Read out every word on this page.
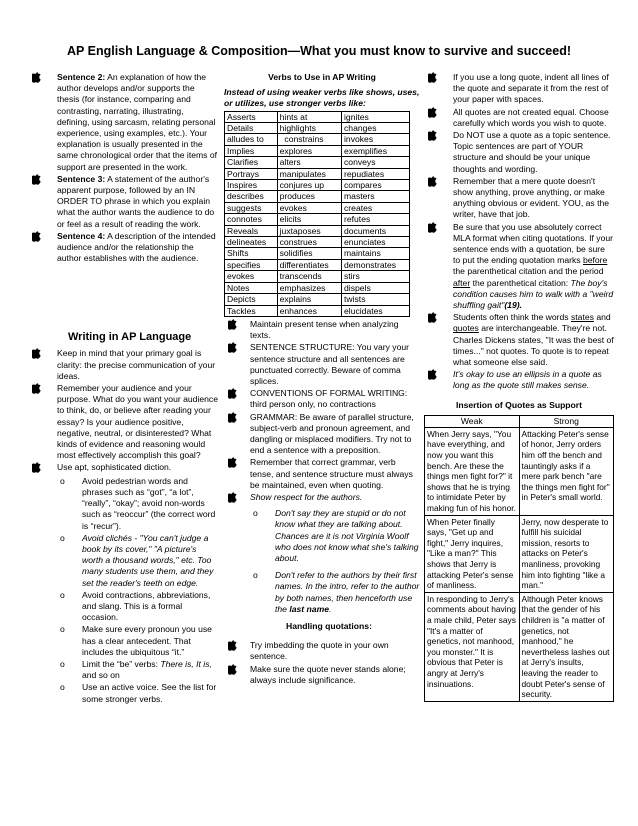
AP English Language & Composition—What you must know to survive and succeed!
Sentence 2: An explanation of how the author develops and/or supports the thesis (for instance, comparing and contrasting, narrating, illustrating, defining, using sarcasm, relating personal experience, using examples, etc.). Your explanation is usually presented in the same chronological order that the items of support are presented in the work.
Sentence 3: A statement of the author's apparent purpose, followed by an IN ORDER TO phrase in which you explain what the author wants the audience to do or feel as a result of reading the work.
Sentence 4: A description of the intended audience and/or the relationship the author establishes with the audience.
Writing in AP Language
Keep in mind that your primary goal is clarity: the precise communication of your ideas.
Remember your audience and your purpose. What do you want your audience to think, do, or believe after reading your essay? Is your audience positive, negative, neutral, or disinterested? What kinds of evidence and reasoning would most effectively accomplish this goal?
Use apt, sophisticated diction.
o Avoid pedestrian words and phrases such as “got”, “a lot”, “really”, “okay”; avoid non-words such as “reoccur” (the correct word is “recur”).
o Avoid clichés - "You can't judge a book by its cover," "A picture's worth a thousand words," etc. Too many students use them, and they set the reader's teeth on edge.
o Avoid contractions, abbreviations, and slang. This is a formal occasion.
o Make sure every pronoun you use has a clear antecedent. That includes the ubiquitous “it.”
o Limit the “be” verbs: There is, It is, and so on
o Use an active voice. See the list for some stronger verbs.
Verbs to Use in AP Writing
Instead of using weaker verbs like shows, uses, or utilizes, use stronger verbs like:
Asserts	hints at	ignites
Details	highlights	changes
alludes to	constrains	invokes
Implies	explores	exemplifies
Clarifies	alters	conveys
Portrays	manipulates	repudiates
Inspires	conjures up	compares
describes	produces	masters
suggests	evokes	creates
connotes	elicits	refutes
Reveals	juxtaposes	documents
delineates	construes	enunciates
Shifts	solidifies	maintains
specifies	differentiates	demonstrates
evokes	transcends	stirs
Notes	emphasizes	dispels
Depicts	explains	twists
Tackles	enhances	elucidates
Maintain present tense when analyzing texts.
SENTENCE STRUCTURE: You vary your sentence structure and all sentences are punctuated correctly. Beware of comma splices.
CONVENTIONS OF FORMAL WRITING: third person only, no contractions
GRAMMAR: Be aware of parallel structure, subject-verb and pronoun agreement, and dangling or misplaced modifiers. Try not to end a sentence with a preposition.
Remember that correct grammar, verb tense, and sentence structure must always be maintained, even when quoting.
Show respect for the authors.
o Don't say they are stupid or do not know what they are talking about. Chances are it is not Virginia Woolf who does not know what she's talking about.
o Don't refer to the authors by their first names. In the intro, refer to the author by both names, then henceforth use the last name.
Handling quotations:
Try imbedding the quote in your own sentence.
Make sure the quote never stands alone; always include significance.
If you use a long quote, indent all lines of the quote and separate it from the rest of your paper with spaces.
All quotes are not created equal. Choose carefully which words you wish to quote.
Do NOT use a quote as a topic sentence. Topic sentences are part of YOUR structure and should be your unique thoughts and wording.
Remember that a mere quote doesn't show anything, prove anything, or make anything obvious or evident. YOU, as the writer, have that job.
Be sure that you use absolutely correct MLA format when citing quotations. If your sentence ends with a quotation, be sure to put the ending quotation marks before the parenthetical citation and the period after the parenthetical citation: The boy's condition causes him to walk with a "weird shuffling gait"(19).
Students often think the words states and quotes are interchangeable. They're not. Charles Dickens states, "It was the best of times..." not quotes. To quote is to repeat what someone else said.
It's okay to use an ellipsis in a quote as long as the quote still makes sense.
Insertion of Quotes as Support
Weak	Strong
When Jerry says, "You have everything, and now you want this bench. Are these the things men fight for?" it shows that he is trying to intimidate Peter by making fun of his honor.	Attacking Peter's sense of honor, Jerry orders him off the bench and tauntingly asks if a mere park bench "are the things men fight for" in Peter's small world.
When Peter finally says, "Get up and fight," Jerry inquires, "Like a man?" This shows that Jerry is attacking Peter's sense of manliness.	Jerry, now desperate to fulfill his suicidal mission, resorts to attacks on Peter's manliness, provoking him into fighting "like a man."
In responding to Jerry's comments about having a male child, Peter says "It's a matter of genetics, not manhood, you monster." It is obvious that Peter is angry at Jerry's insinuations.	Although Peter knows that the gender of his children is "a matter of genetics, not manhood," he nevertheless lashes out at Jerry's insults, leaving the reader to doubt Peter's sense of security.
